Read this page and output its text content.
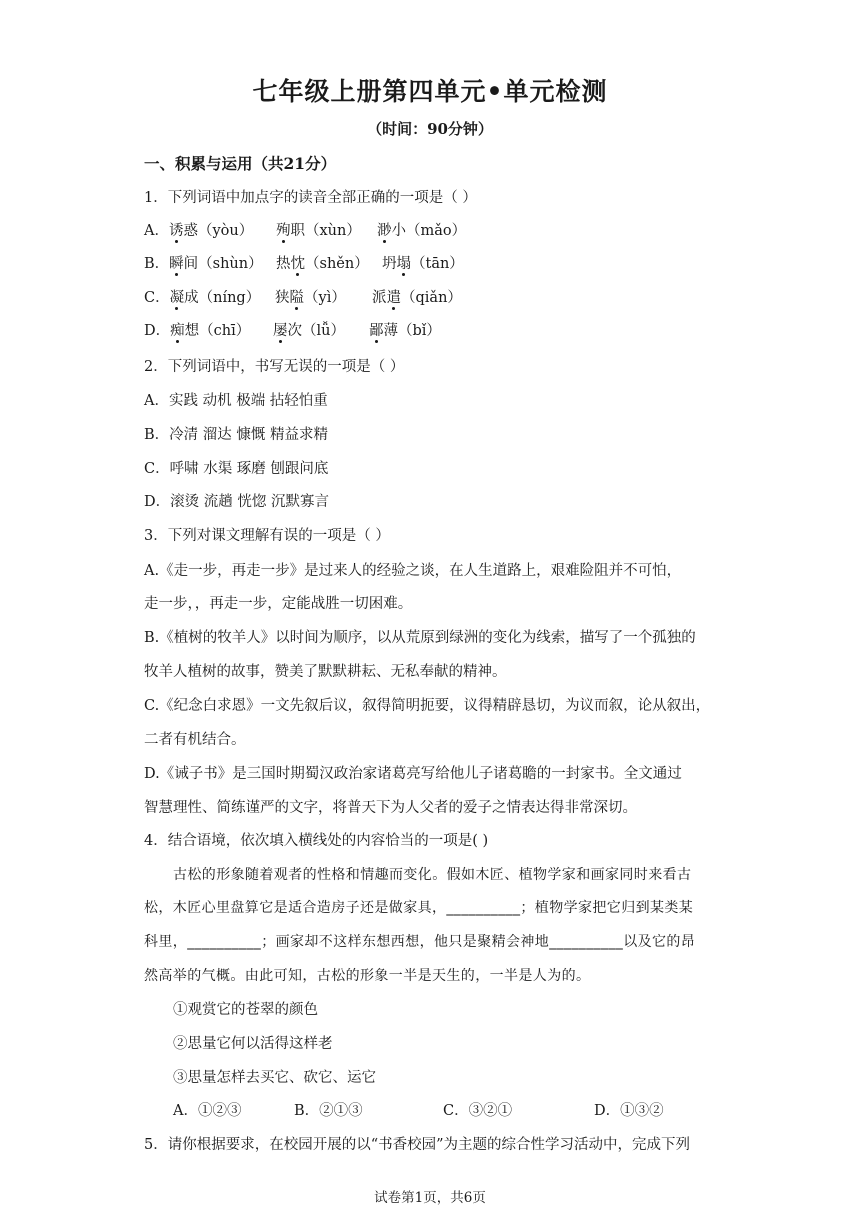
七年级上册第四单元•单元检测
（时间：90分钟）
一、积累与运用（共21分）
1．下列词语中加点字的读音全部正确的一项是（ ）
A．诱惑（yòu） 殉职（xùn） 渺小（mǎo）
B．瞬间（shùn） 热忱（shěn） 坍塌（tān）
C．凝成（níng） 狭隘（yì） 派遣（qiǎn）
D．痴想（chī） 屡次（lǚ） 鄙薄（bǐ）
2．下列词语中，书写无误的一项是（ ）
A．实践 动机 极端 拈轻怕重
B．冷清 溜达 慷慨 精益求精
C．呼啸 水渠 琢磨 刨跟问底
D．滚烫 流趟 恍惚 沉默寡言
3．下列对课文理解有误的一项是（ ）
A.《走一步，再走一步》是过来人的经验之谈，在人生道路上，艰难险阻并不可怕，
走一步，，再走一步，定能战胜一切困难。
B.《植树的牧羊人》以时间为顺序，以从荒原到绿洲的变化为线索，描写了一个孤独的
牧羊人植树的故事，赞美了默默耕耘、无私奉献的精神。
C.《纪念白求恩》一文先叙后议，叙得简明扼要，议得精辟恳切，为议而叙，论从叙出，
二者有机结合。
D.《诫子书》是三国时期蜀汉政治家诸葛亮写给他儿子诸葛瞻的一封家书。全文通过
智慧理性、简练谨严的文字，将普天下为人父者的爱子之情表达得非常深切。
4．结合语境，依次填入横线处的内容恰当的一项是( )
古松的形象随着观者的性格和情趣而变化。假如木匠、植物学家和画家同时来看古
松，木匠心里盘算它是适合造房子还是做家具，__________；植物学家把它归到某类某
科里，__________；画家却不这样东想西想，他只是聚精会神地__________以及它的昂
然高举的气概。由此可知，古松的形象一半是天生的，一半是人为的。
①观赏它的苍翠的颜色
②思量它何以活得这样老
③思量怎样去买它、砍它、运它
A．①②③	B．②①③	C．③②①	D．①③②
5．请你根据要求，在校园开展的以“书香校园”为主题的综合性学习活动中，完成下列
试卷第1页，共6页
